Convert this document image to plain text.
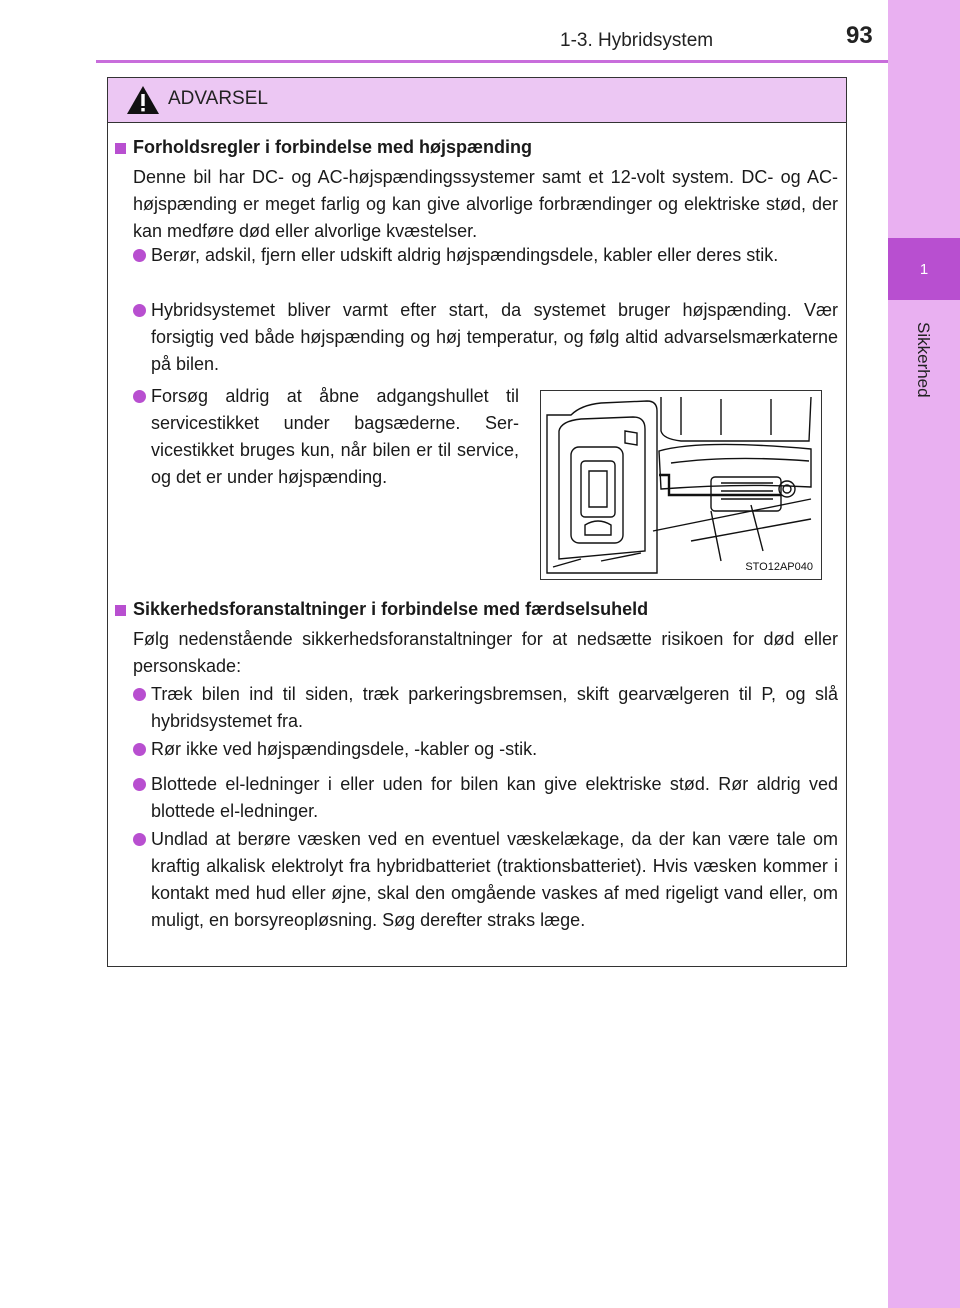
1
Sikkerhed
1-3. Hybridsystem	93
ADVARSEL
Forholdsregler i forbindelse med højspænding
Denne bil har DC- og AC-højspændingssystemer samt et 12-volt system. DC- og AC-højspænding er meget farlig og kan give alvorlige forbrændinger og elektriske stød, der kan medføre død eller alvorlige kvæstelser.
Berør, adskil, fjern eller udskift aldrig højspændingsdele, kabler eller deres stik.
Hybridsystemet bliver varmt efter start, da systemet bruger højspænding. Vær forsigtig ved både højspænding og høj temperatur, og følg altid advarselsmærkaterne på bilen.
Forsøg aldrig at åbne adgangshullet til servicestikket under bagsæderne. Ser-vicestikket bruges kun, når bilen er til service, og det er under højspænding.
STO12AP040
Sikkerhedsforanstaltninger i forbindelse med færdselsuheld
Følg nedenstående sikkerhedsforanstaltninger for at nedsætte risikoen for død eller personskade:
Træk bilen ind til siden, træk parkeringsbremsen, skift gearvælgeren til P, og slå hybridsystemet fra.
Rør ikke ved højspændingsdele, -kabler og -stik.
Blottede el-ledninger i eller uden for bilen kan give elektriske stød. Rør aldrig ved blottede el-ledninger.
Undlad at berøre væsken ved en eventuel væskelækage, da der kan være tale om kraftig alkalisk elektrolyt fra hybridbatteriet (traktionsbatteriet). Hvis væsken kommer i kontakt med hud eller øjne, skal den omgående vaskes af med rigeligt vand eller, om muligt, en borsyreopløsning. Søg derefter straks læge.
